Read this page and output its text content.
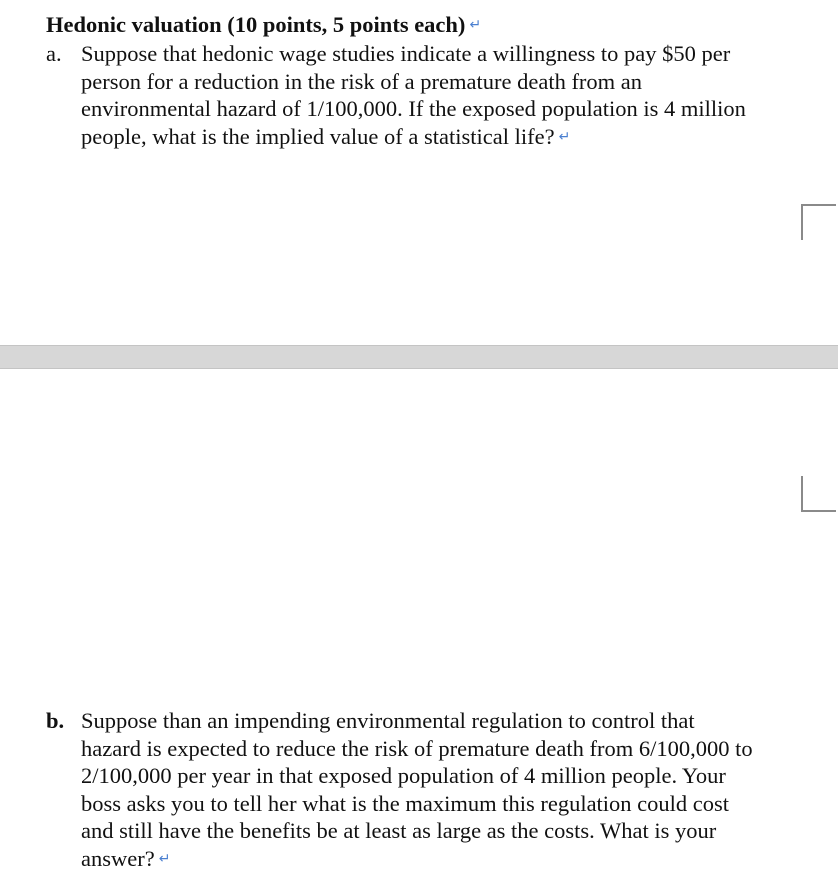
Hedonic valuation (10 points, 5 points each) ↵
a. Suppose that hedonic wage studies indicate a willingness to pay $50 per
person for a reduction in the risk of a premature death from an
environmental hazard of 1/100,000. If the exposed population is 4 million
people, what is the implied value of a statistical life? ↵
b. Suppose than an impending environmental regulation to control that
hazard is expected to reduce the risk of premature death from 6/100,000 to
2/100,000 per year in that exposed population of 4 million people. Your
boss asks you to tell her what is the maximum this regulation could cost
and still have the benefits be at least as large as the costs. What is your
answer? ↵
